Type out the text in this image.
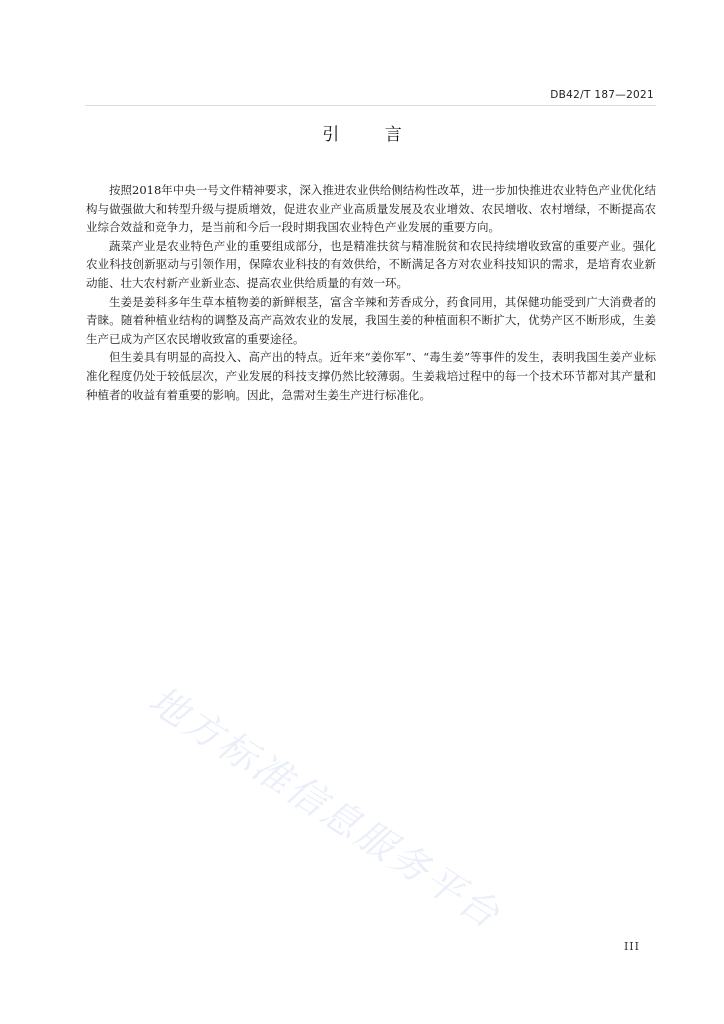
DB42/T 187—2021
引 言

按照2018年中央一号文件精神要求，深入推进农业供给侧结构性改革，进一步加快推进农业特色产业优化结构与做强做大和转型升级与提质增效，促进农业产业高质量发展及农业增效、农民增收、农村增绿，不断提高农业综合效益和竞争力，是当前和今后一段时期我国农业特色产业发展的重要方向。

蔬菜产业是农业特色产业的重要组成部分，也是精准扶贫与精准脱贫和农民持续增收致富的重要产业。强化农业科技创新驱动与引领作用，保障农业科技的有效供给，不断满足各方对农业科技知识的需求，是培育农业新动能、壮大农村新产业新业态、提高农业供给质量的有效一环。

生姜是姜科多年生草本植物姜的新鲜根茎，富含辛辣和芳香成分，药食同用，其保健功能受到广大消费者的青睐。随着种植业结构的调整及高产高效农业的发展，我国生姜的种植面积不断扩大，优势产区不断形成，生姜生产已成为产区农民增收致富的重要途径。

但生姜具有明显的高投入、高产出的特点。近年来“姜你军”、“毒生姜”等事件的发生，表明我国生姜产业标准化程度仍处于较低层次，产业发展的科技支撑仍然比较薄弱。生姜栽培过程中的每一个技术环节都对其产量和种植者的收益有着重要的影响。因此，急需对生姜生产进行标准化。

地方标准信息服务平台
III
